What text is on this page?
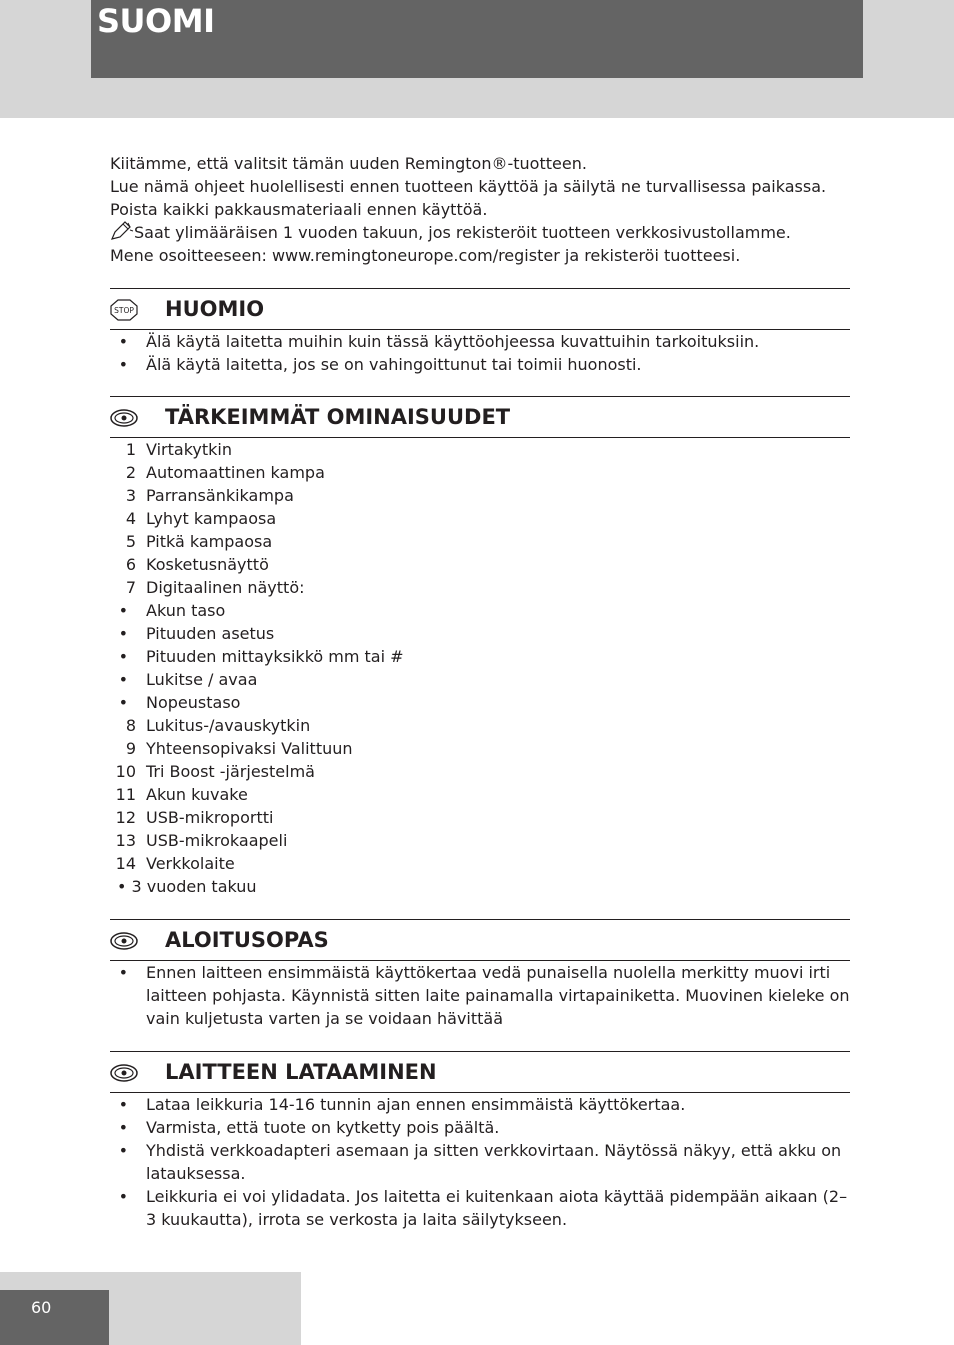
SUOMI

Kiitämme, että valitsit tämän uuden Remington®-tuotteen.

Lue nämä ohjeet huolellisesti ennen tuotteen käyttöä ja säilytä ne turvallisessa paikassa.

Poista kaikki pakkausmateriaali ennen käyttöä.

Saat ylimääräisen 1 vuoden takuun, jos rekisteröit tuotteen verkkosivustollamme.

Mene osoitteeseen: www.remingtoneurope.com/register ja rekisteröi tuotteesi.

STOP HUOMIO
• Älä käytä laitetta muihin kuin tässä käyttöohjeessa kuvattuihin tarkoituksiin.
• Älä käytä laitetta, jos se on vahingoittunut tai toimii huonosti.
TÄRKEIMMÄT OMINAISUUDET
1 Virtakytkin
2 Automaattinen kampa
3 Parransänkikampa
4 Lyhyt kampaosa
5 Pitkä kampaosa
6 Kosketusnäyttö
7 Digitaalinen näyttö:
• Akun taso
• Pituuden asetus
• Pituuden mittayksikkö mm tai #
• Lukitse / avaa
• Nopeustaso
8 Lukitus-/avauskytkin
9 Yhteensopivaksi Valittuun
10 Tri Boost -järjestelmä
11 Akun kuvake
12 USB-mikroportti
13 USB-mikrokaapeli
14 Verkkolaite
• 3 vuoden takuu
ALOITUSOPAS
• Ennen laitteen ensimmäistä käyttökertaa vedä punaisella nuolella merkitty muovi irti laitteen pohjasta. Käynnistä sitten laite painamalla virtapainiketta. Muovinen kieleke on vain kuljetusta varten ja se voidaan hävittää
LAITTEEN LATAAMINEN
• Lataa leikkuria 14-16 tunnin ajan ennen ensimmäistä käyttökertaa.
• Varmista, että tuote on kytketty pois päältä.
• Yhdistä verkkoadapteri asemaan ja sitten verkkovirtaan. Näytössä näkyy, että akku on latauksessa.
• Leikkuria ei voi ylidadata. Jos laitetta ei kuitenkaan aiota käyttää pidempään aikaan (2–3 kuukautta), irrota se verkosta ja laita säilytykseen.
60
